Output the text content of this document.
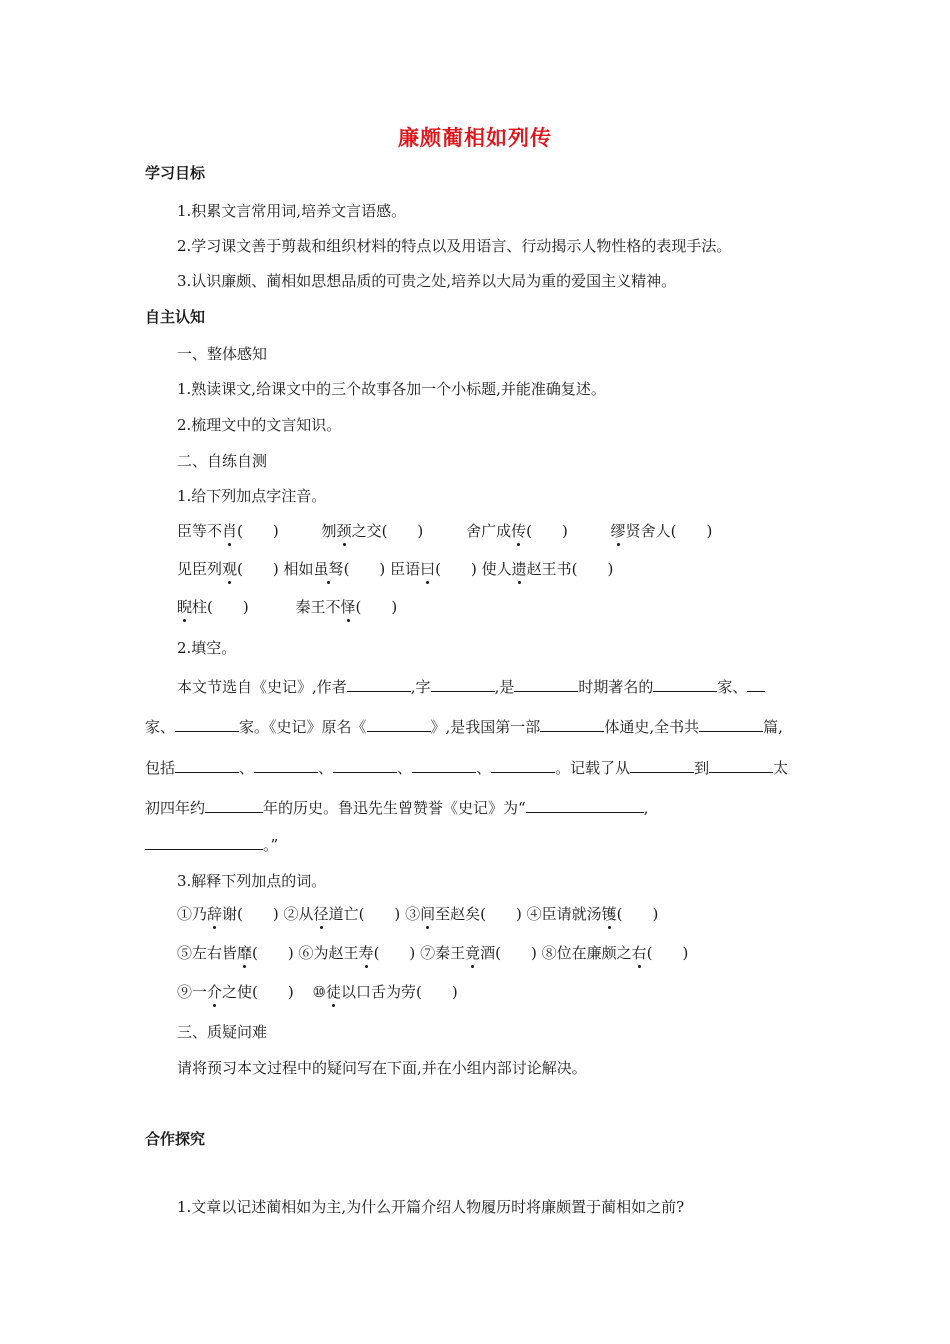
廉颇蔺相如列传
学习目标
1.积累文言常用词,培养文言语感。
2.学习课文善于剪裁和组织材料的特点以及用语言、行动揭示人物性格的表现手法。
3.认识廉颇、蔺相如思想品质的可贵之处,培养以大局为重的爱国主义精神。
自主认知
一、整体感知
1.熟读课文,给课文中的三个故事各加一个小标题,并能准确复述。
2.梳理文中的文言知识。
二、自练自测
1.给下列加点字注音。
臣等不肖(　　)	刎颈之交(　　)	舍广成传(　　)	缪贤舍人(　　)
见臣列观(　　) 相如虽驽(　　) 臣语曰(　　) 使人遗赵王书(　　)
睨柱(　　)	秦王不怿(　　)
2.填空。
本文节选自《史记》,作者	,字	,是	时期著名的	家、
家、	家。《史记》原名《	》,是我国第一部	体通史,全书共	篇,
包括	、	、	、	、	。记载了从	到	太
初四年约	年的历史。鲁迅先生曾赞誉《史记》为“	,
。”
3.解释下列加点的词。
①乃辞谢(　　) ②从径道亡(　　) ③间至赵矣(　　) ④臣请就汤镬(　　)
⑤左右皆靡(　　) ⑥为赵王寿(　　) ⑦秦王竟酒(　　) ⑧位在廉颇之右(　　)
⑨一介之使(　　) ⑩徒以口舌为劳(　　)
三、质疑问难
请将预习本文过程中的疑问写在下面,并在小组内部讨论解决。
合作探究
1.文章以记述蔺相如为主,为什么开篇介绍人物履历时将廉颇置于蔺相如之前?
